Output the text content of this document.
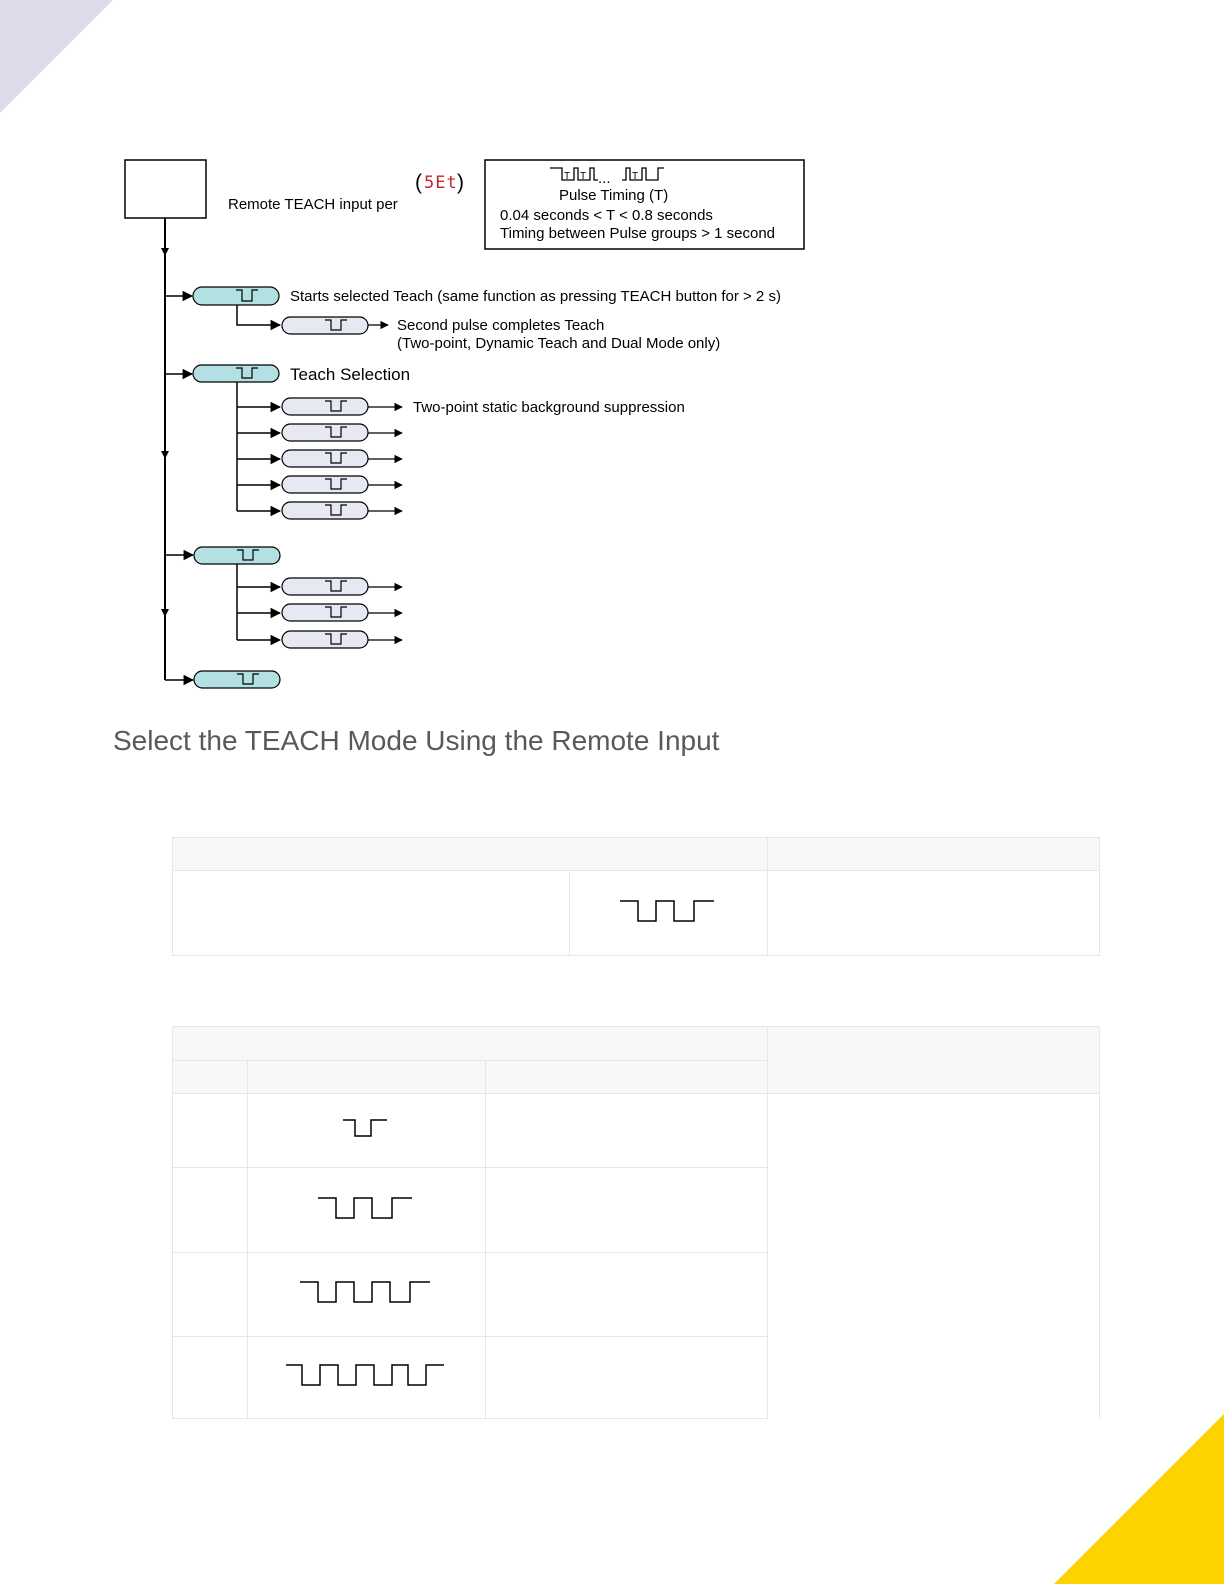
Remote TEACH input per
( 5Et )	T T ... T
Pulse Timing (T)
0.04 seconds < T < 0.8 seconds
Timing between Pulse groups > 1 second
Starts selected Teach (same function as pressing TEACH button for > 2 s)
Second pulse completes Teach
(Two-point, Dynamic Teach and Dual Mode only)
Teach Selection
Two-point static background suppression
Select the TEACH Mode Using the Remote Input
